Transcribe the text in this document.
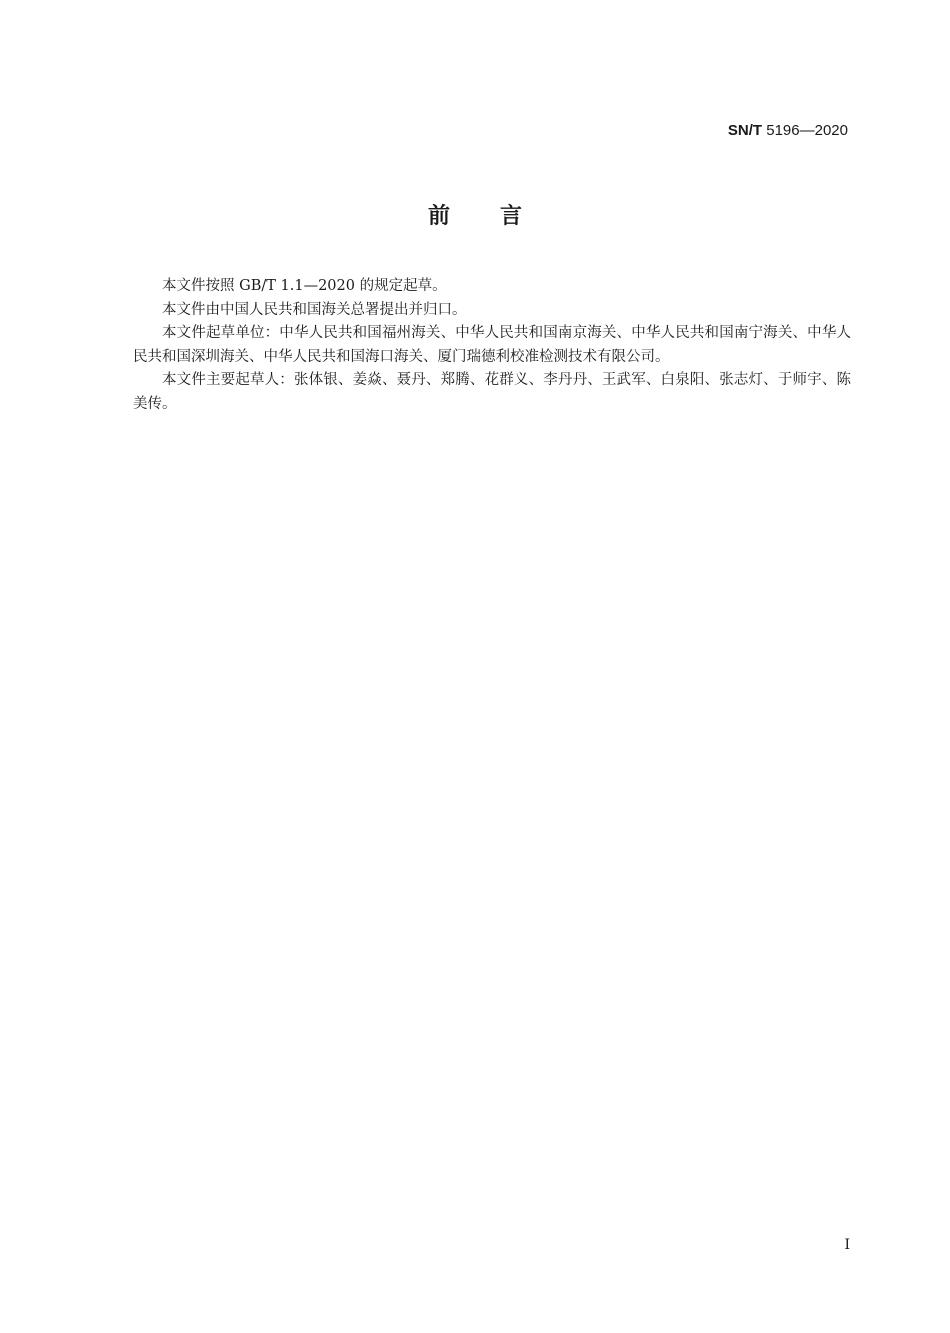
SN/T 5196—2020
前 言

本文件按照 GB/T 1.1—2020 的规定起草。

本文件由中国人民共和国海关总署提出并归口。

本文件起草单位：中华人民共和国福州海关、中华人民共和国南京海关、中华人民共和国南宁海关、中华人民共和国深圳海关、中华人民共和国海口海关、厦门瑞德利校准检测技术有限公司。

本文件主要起草人：张体银、姜焱、聂丹、郑腾、花群义、李丹丹、王武军、白泉阳、张志灯、于师宇、陈美传。

I
